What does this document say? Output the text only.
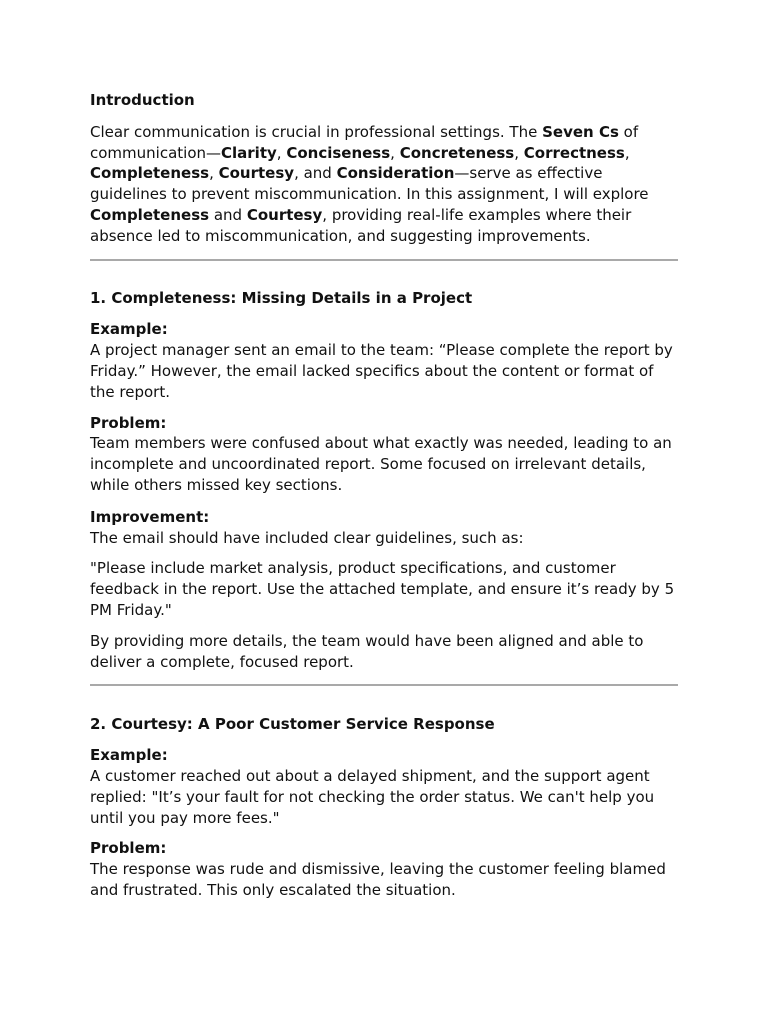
Introduction

Clear communication is crucial in professional settings. The Seven Cs of communication—Clarity, Conciseness, Concreteness, Correctness, Completeness, Courtesy, and Consideration—serve as effective guidelines to prevent miscommunication. In this assignment, I will explore Completeness and Courtesy, providing real-life examples where their absence led to miscommunication, and suggesting improvements.

1. Completeness: Missing Details in a Project

Example:

A project manager sent an email to the team: “Please complete the report by Friday.” However, the email lacked specifics about the content or format of the report.

Problem:

Team members were confused about what exactly was needed, leading to an incomplete and uncoordinated report. Some focused on irrelevant details, while others missed key sections.

Improvement:

The email should have included clear guidelines, such as:

"Please include market analysis, product specifications, and customer feedback in the report. Use the attached template, and ensure it’s ready by 5 PM Friday."

By providing more details, the team would have been aligned and able to deliver a complete, focused report.

2. Courtesy: A Poor Customer Service Response

Example:

A customer reached out about a delayed shipment, and the support agent replied: "It’s your fault for not checking the order status. We can't help you until you pay more fees."

Problem:

The response was rude and dismissive, leaving the customer feeling blamed and frustrated. This only escalated the situation.
